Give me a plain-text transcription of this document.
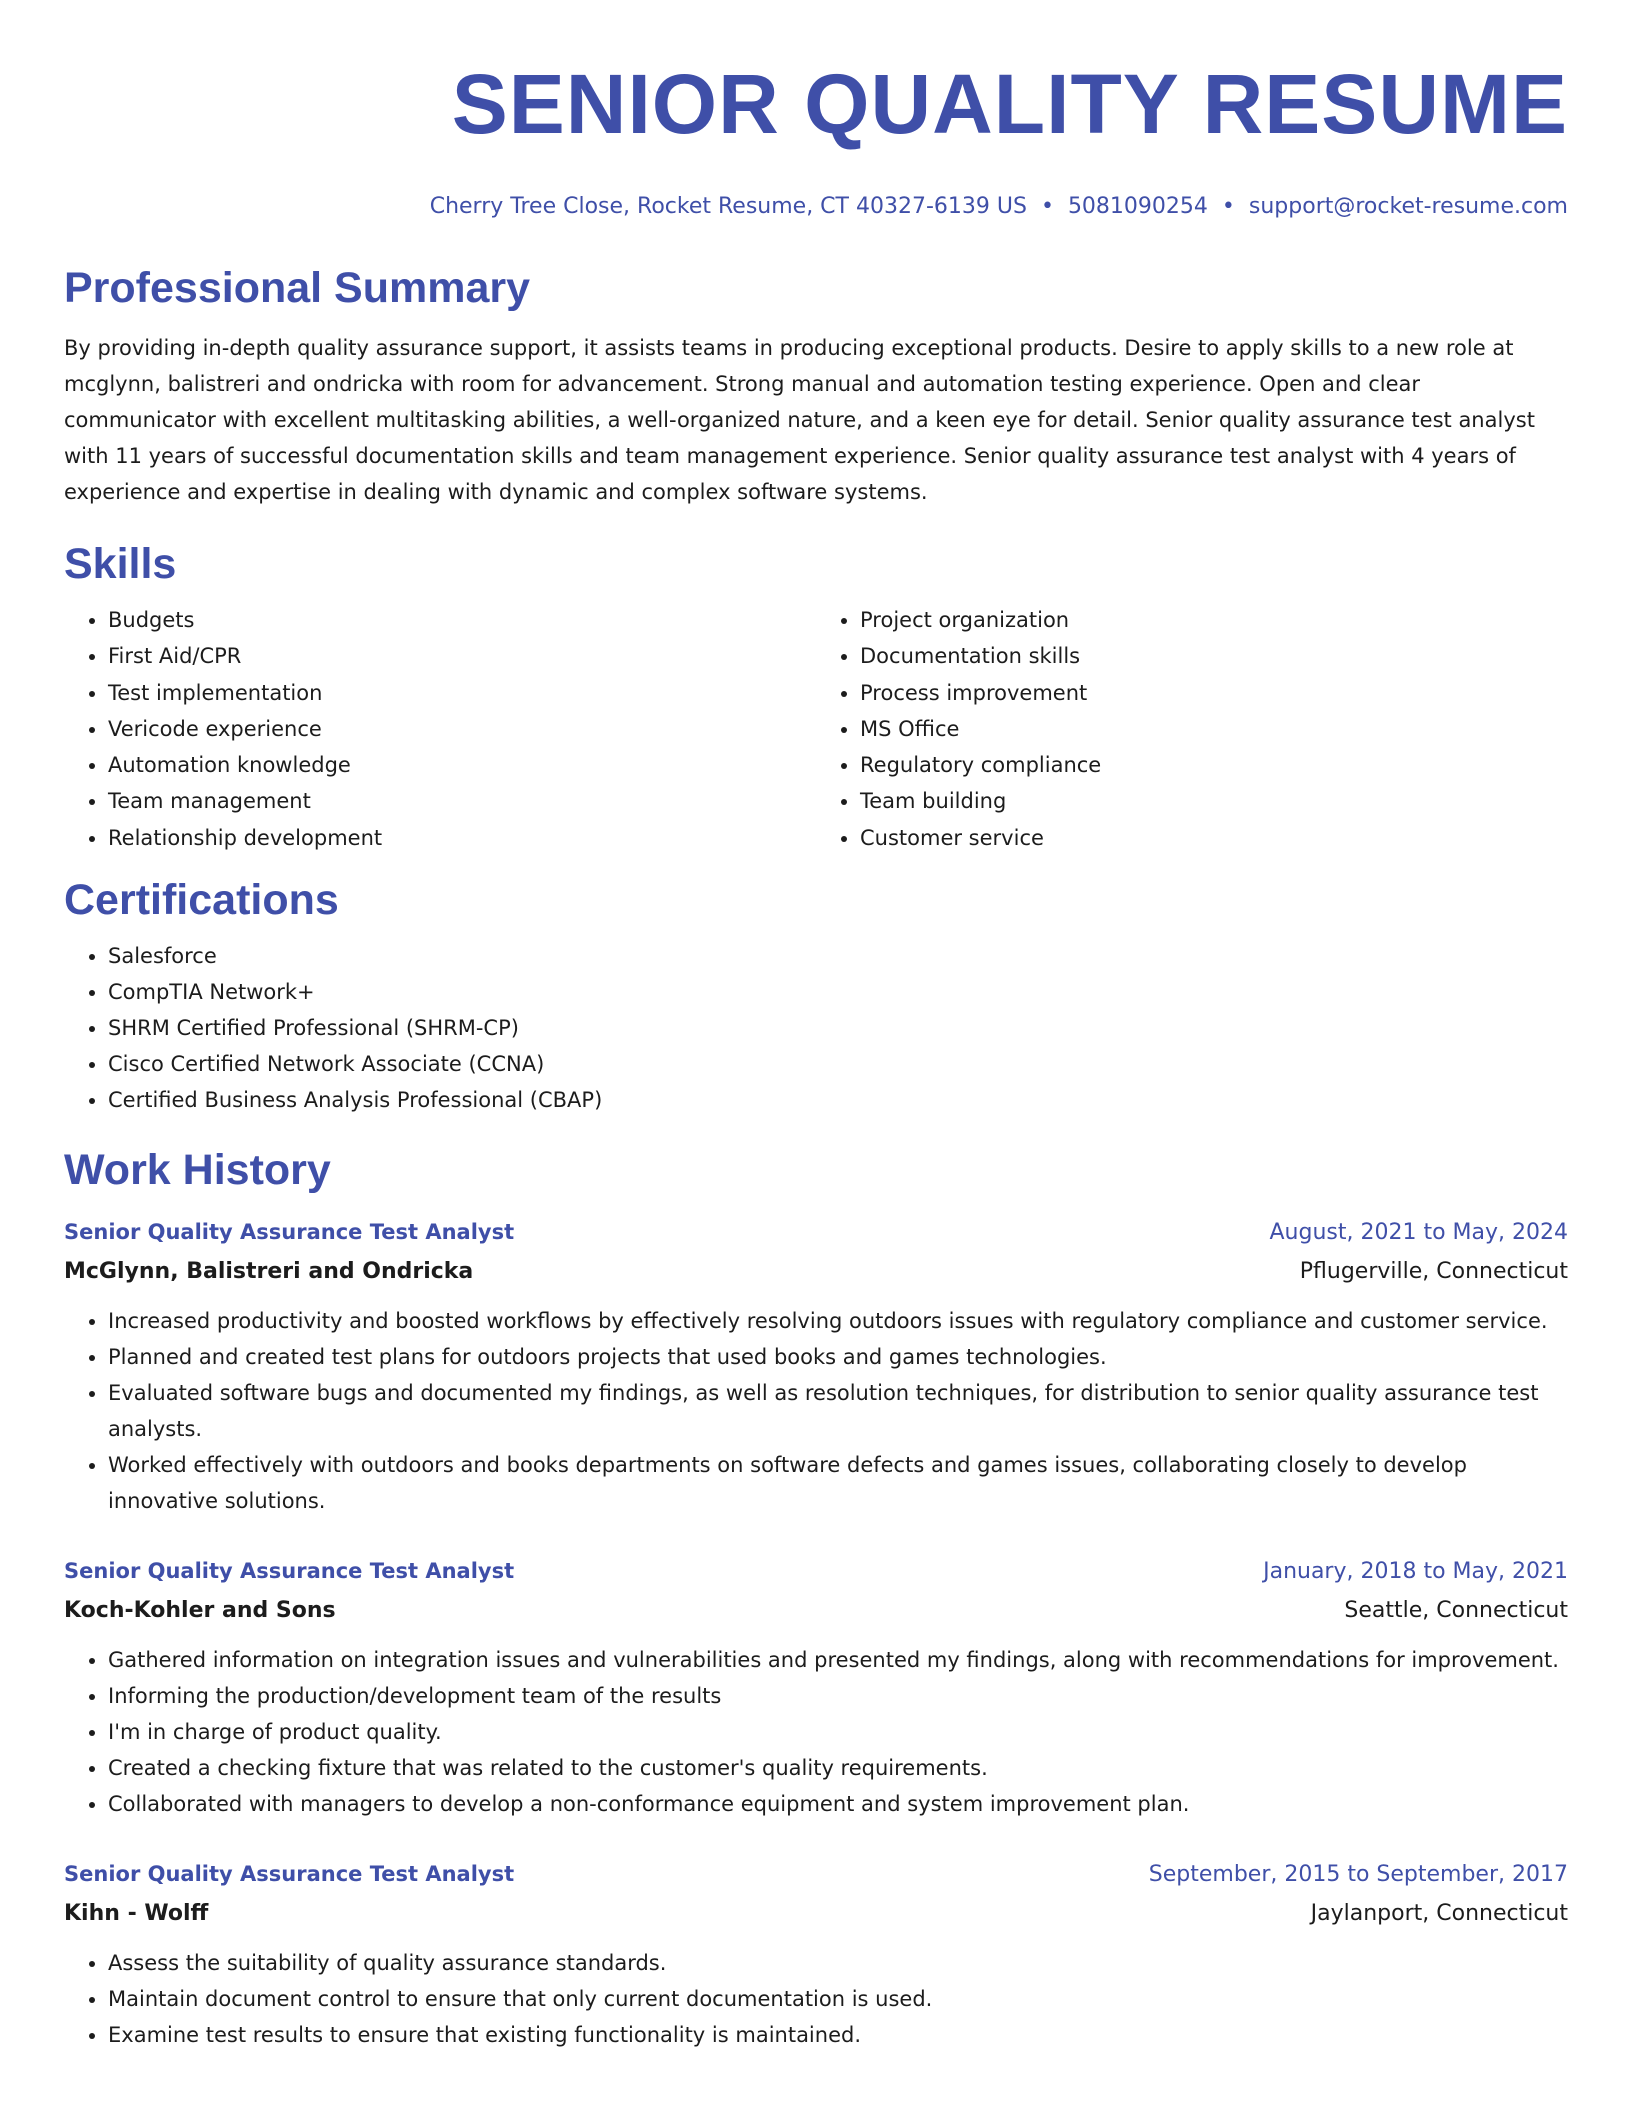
SENIOR QUALITY RESUME
Cherry Tree Close, Rocket Resume, CT 40327-6139 US • 5081090254 • support@rocket-resume.com
Professional Summary

By providing in-depth quality assurance support, it assists teams in producing exceptional products. Desire to apply skills to a new role at mcglynn, balistreri and ondricka with room for advancement. Strong manual and automation testing experience. Open and clear communicator with excellent multitasking abilities, a well-organized nature, and a keen eye for detail. Senior quality assurance test analyst with 11 years of successful documentation skills and team management experience. Senior quality assurance test analyst with 4 years of experience and expertise in dealing with dynamic and complex software systems.

Skills
• Budgets
• First Aid/CPR
• Test implementation
• Vericode experience
• Automation knowledge
• Team management
• Relationship development
• Project organization
• Documentation skills
• Process improvement
• MS Office
• Regulatory compliance
• Team building
• Customer service
Certifications
• Salesforce
• CompTIA Network+
• SHRM Certified Professional (SHRM-CP)
• Cisco Certified Network Associate (CCNA)
• Certified Business Analysis Professional (CBAP)
Work History
Senior Quality Assurance Test Analyst	August, 2021 to May, 2024
McGlynn, Balistreri and Ondricka	Pflugerville, Connecticut
• Increased productivity and boosted workflows by effectively resolving outdoors issues with regulatory compliance and customer service.
• Planned and created test plans for outdoors projects that used books and games technologies.
• Evaluated software bugs and documented my findings, as well as resolution techniques, for distribution to senior quality assurance test analysts.
• Worked effectively with outdoors and books departments on software defects and games issues, collaborating closely to develop innovative solutions.
Senior Quality Assurance Test Analyst	January, 2018 to May, 2021
Koch-Kohler and Sons	Seattle, Connecticut
• Gathered information on integration issues and vulnerabilities and presented my findings, along with recommendations for improvement.
• Informing the production/development team of the results
• I'm in charge of product quality.
• Created a checking fixture that was related to the customer's quality requirements.
• Collaborated with managers to develop a non-conformance equipment and system improvement plan.
Senior Quality Assurance Test Analyst	September, 2015 to September, 2017
Kihn - Wolff	Jaylanport, Connecticut
• Assess the suitability of quality assurance standards.
• Maintain document control to ensure that only current documentation is used.
• Examine test results to ensure that existing functionality is maintained.
